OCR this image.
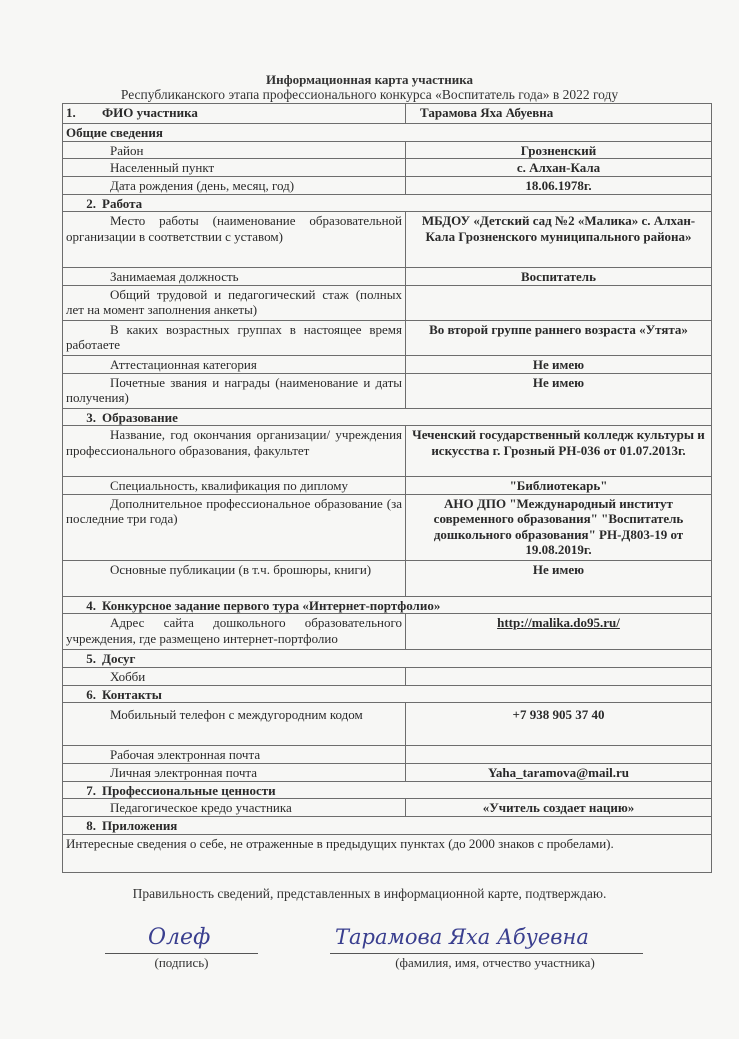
Информационная карта участника
Республиканского этапа профессионального конкурса «Воспитатель года» в 2022 году
1. ФИО участника	Тарамова Яха Абуевна
Общие сведения	
Район	Грозненский
Населенный пункт	с. Алхан-Кала
Дата рождения (день, месяц, год)	18.06.1978г.
2. Работа	
Место работы (наименование образовательной организации в соответствии с уставом)	МБДОУ «Детский сад №2 «Малика» с. Алхан-Кала Грозненского муниципального района»
Занимаемая должность	Воспитатель
Общий трудовой и педагогический стаж (полных лет на момент заполнения анкеты)	
В каких возрастных группах в настоящее время работаете	Во второй группе раннего возраста «Утята»
Аттестационная категория	Не имею
Почетные звания и награды (наименование и даты получения)	Не имею
3. Образование	
Название, год окончания организации/ учреждения профессионального образования, факультет	Чеченский государственный колледж культуры и искусства г. Грозный РН-036 от 01.07.2013г.
Специальность, квалификация по диплому	"Библиотекарь"
Дополнительное профессиональное образование (за последние три года)	АНО ДПО "Международный институт современного образования" "Воспитатель дошкольного образования" РН-Д803-19 от 19.08.2019г.
Основные публикации (в т.ч. брошюры, книги)	Не имею
4. Конкурсное задание первого тура «Интернет-портфолио»	
Адрес сайта дошкольного образовательного учреждения, где размещено интернет-портфолио	http://malika.do95.ru/
5. Досуг	
Хобби	
6. Контакты	
Мобильный телефон с междугородним кодом	+7 938 905 37 40
Рабочая электронная почта	
Личная электронная почта	Yaha_taramova@mail.ru
7. Профессиональные ценности	
Педагогическое кредо участника	«Учитель создает нацию»
8. Приложения	
Интересные сведения о себе, не отраженные в предыдущих пунктах (до 2000 знаков с пробелами).	
Правильность сведений, представленных в информационной карте, подтверждаю.
Олеф
(подпись)
Тарамова Яха Абуевна
(фамилия, имя, отчество участника)
